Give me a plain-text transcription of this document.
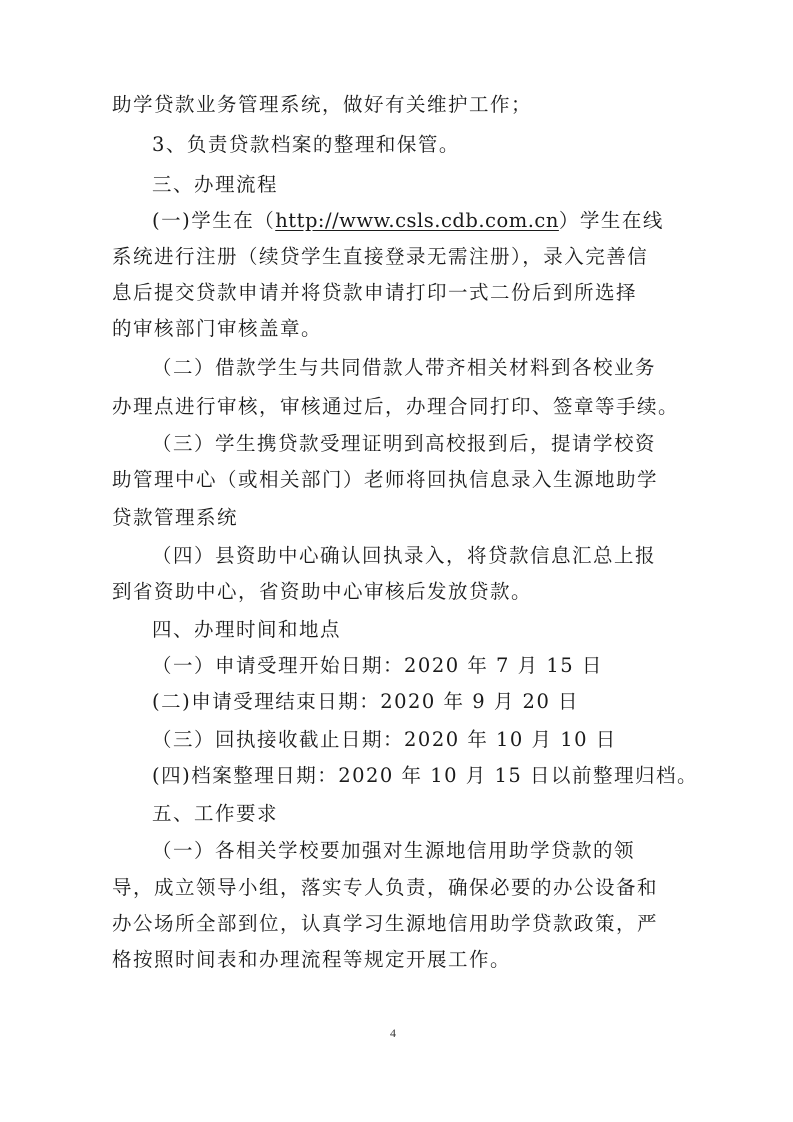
助学贷款业务管理系统，做好有关维护工作；
3、负责贷款档案的整理和保管。
三、办理流程
(一)学生在（http://www.csls.cdb.com.cn）学生在线
系统进行注册（续贷学生直接登录无需注册），录入完善信
息后提交贷款申请并将贷款申请打印一式二份后到所选择
的审核部门审核盖章。
（二）借款学生与共同借款人带齐相关材料到各校业务
办理点进行审核，审核通过后，办理合同打印、签章等手续。
（三）学生携贷款受理证明到高校报到后，提请学校资
助管理中心（或相关部门）老师将回执信息录入生源地助学
贷款管理系统
（四）县资助中心确认回执录入，将贷款信息汇总上报
到省资助中心，省资助中心审核后发放贷款。
四、办理时间和地点
（一）申请受理开始日期：2020 年 7 月 15 日
(二)申请受理结束日期：2020 年 9 月 20 日
（三）回执接收截止日期：2020 年 10 月 10 日
(四)档案整理日期：2020 年 10 月 15 日以前整理归档。
五、工作要求
（一）各相关学校要加强对生源地信用助学贷款的领
导，成立领导小组，落实专人负责，确保必要的办公设备和
办公场所全部到位，认真学习生源地信用助学贷款政策，严
格按照时间表和办理流程等规定开展工作。
4
